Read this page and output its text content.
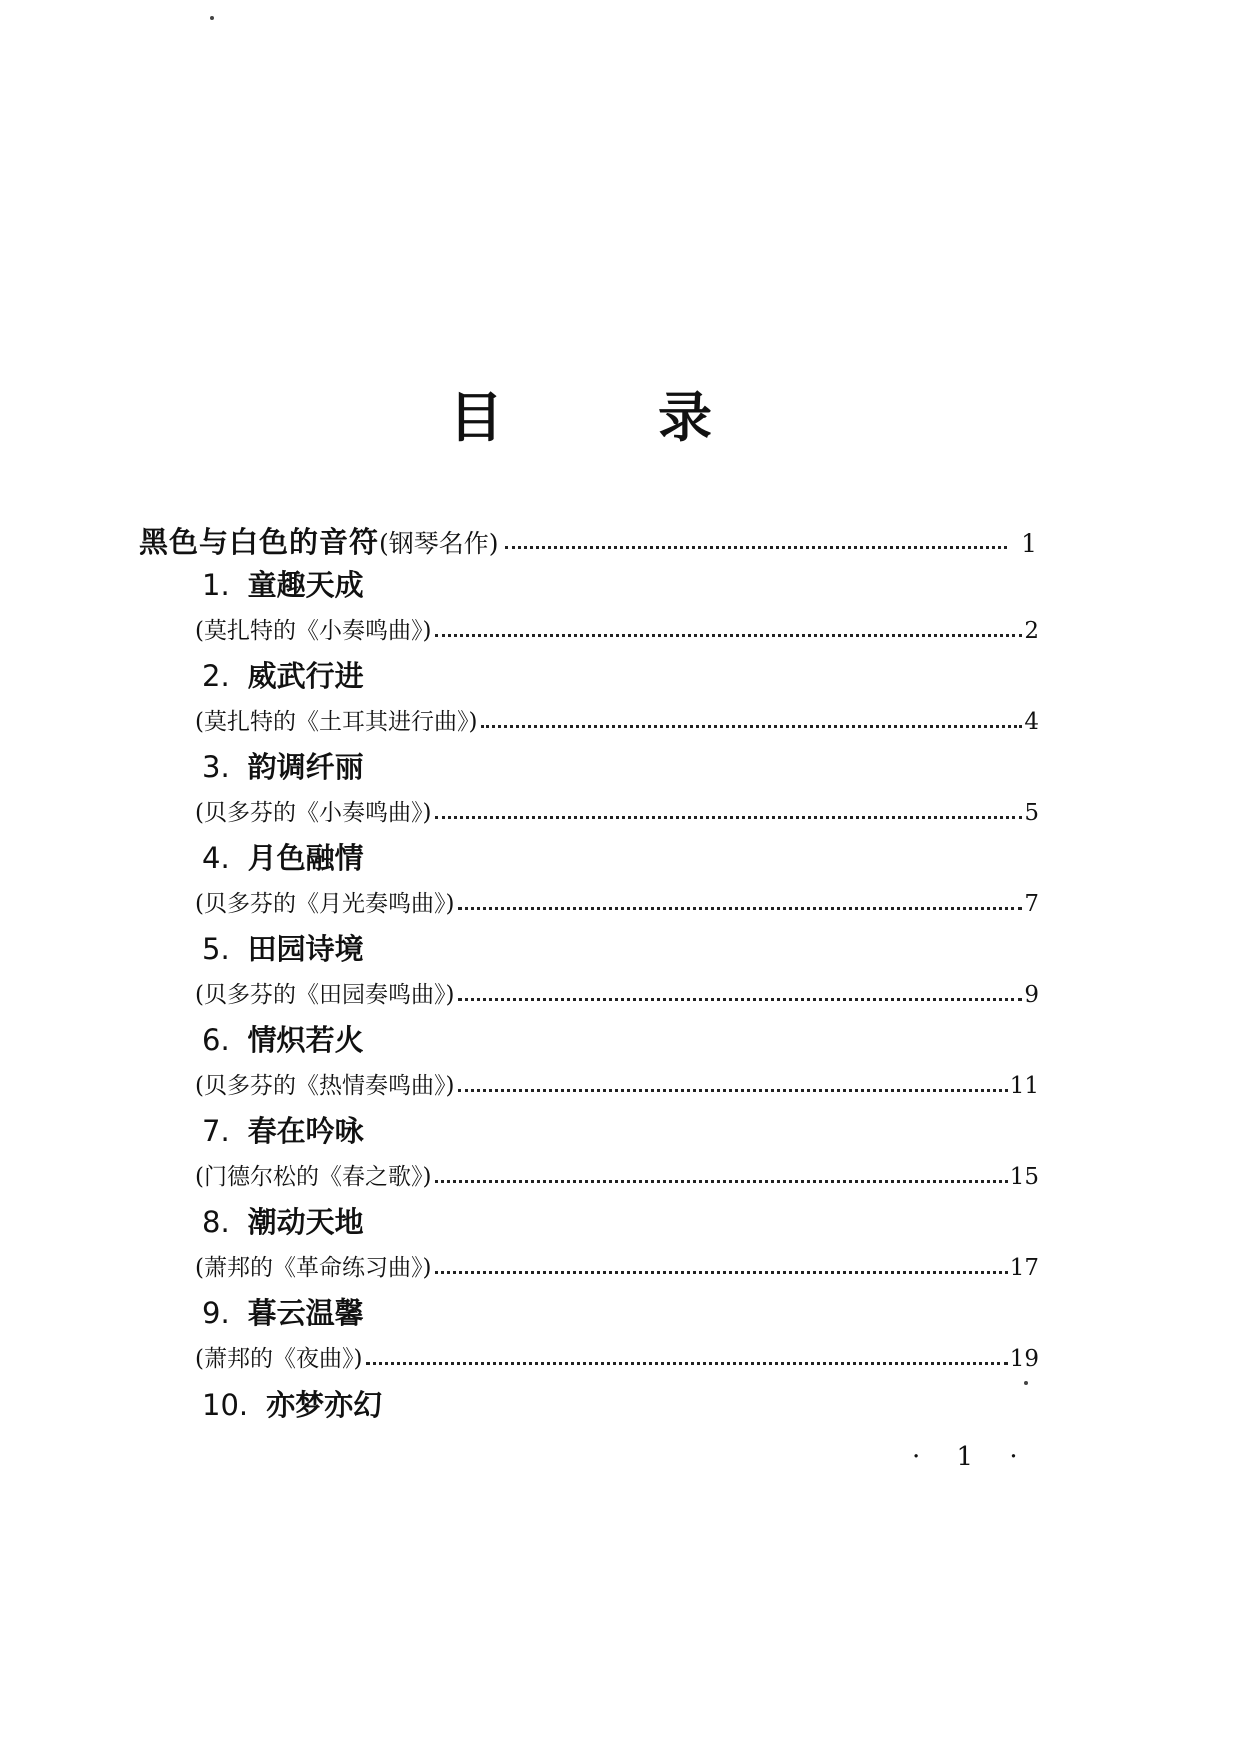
目	录
黑色与白色的音符 (钢琴名作)	1
1. 童趣天成
(莫扎特的《小奏鸣曲》)	2
2. 威武行进
(莫扎特的《土耳其进行曲》)	4
3. 韵调纤丽
(贝多芬的《小奏鸣曲》)	5
4. 月色融情
(贝多芬的《月光奏鸣曲》)	7
5. 田园诗境
(贝多芬的《田园奏鸣曲》)	9
6. 情炽若火
(贝多芬的《热情奏鸣曲》)	11
7. 春在吟咏
(门德尔松的《春之歌》)	15
8. 潮动天地
(萧邦的《革命练习曲》)	17
9. 暮云温馨
(萧邦的《夜曲》)	19
10. 亦梦亦幻
· 1 ·
